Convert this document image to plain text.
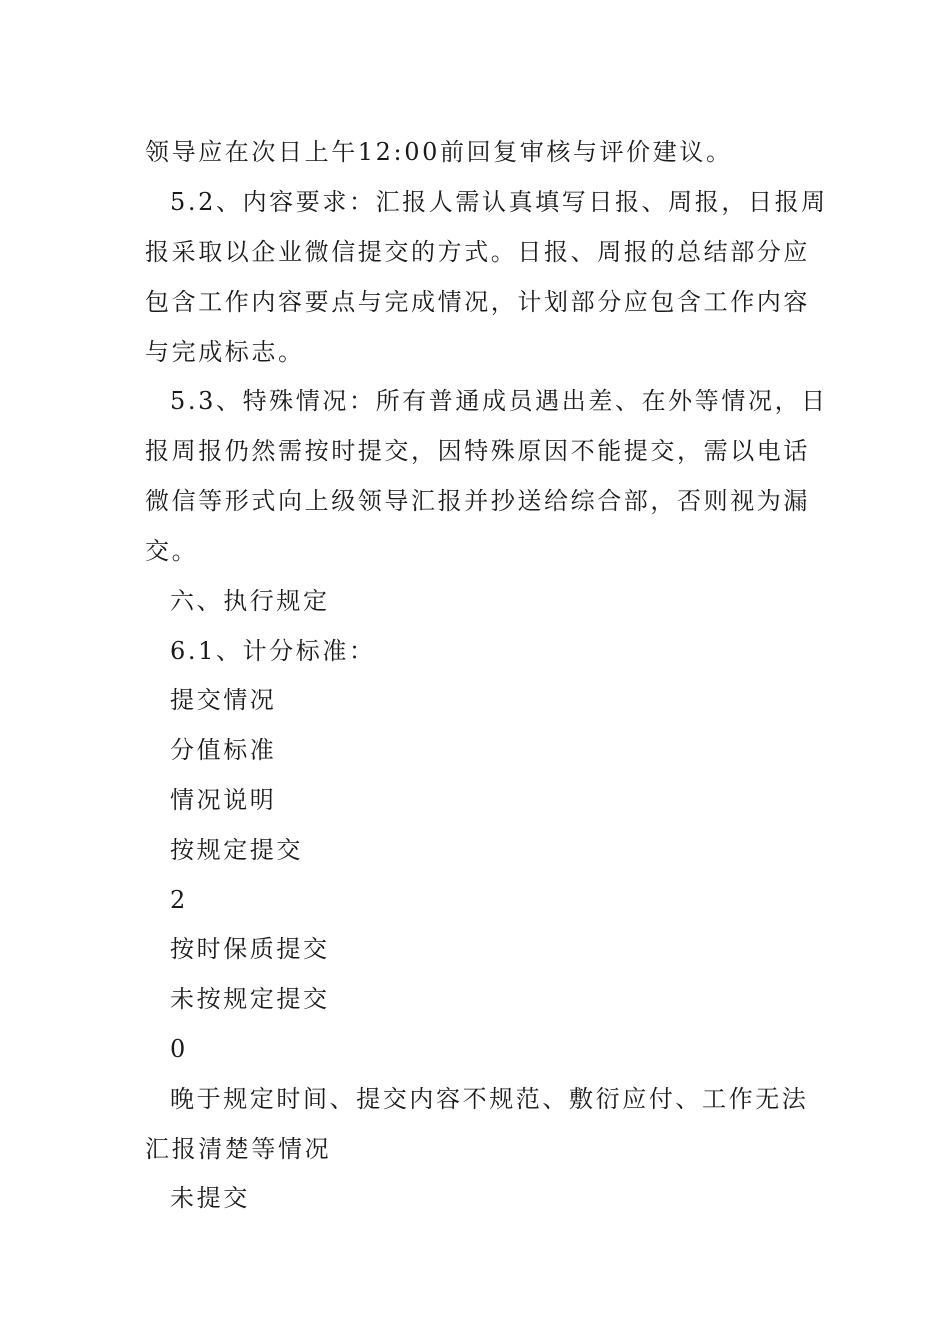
领导应在次日上午12:00前回复审核与评价建议。
5.2、内容要求：汇报人需认真填写日报、周报，日报周
报采取以企业微信提交的方式。日报、周报的总结部分应
包含工作内容要点与完成情况，计划部分应包含工作内容
与完成标志。
5.3、特殊情况：所有普通成员遇出差、在外等情况，日
报周报仍然需按时提交，因特殊原因不能提交，需以电话
微信等形式向上级领导汇报并抄送给综合部，否则视为漏
交。
六、执行规定
6.1、计分标准：
提交情况
分值标准
情况说明
按规定提交
2
按时保质提交
未按规定提交
0
晚于规定时间、提交内容不规范、敷衍应付、工作无法
汇报清楚等情况
未提交
